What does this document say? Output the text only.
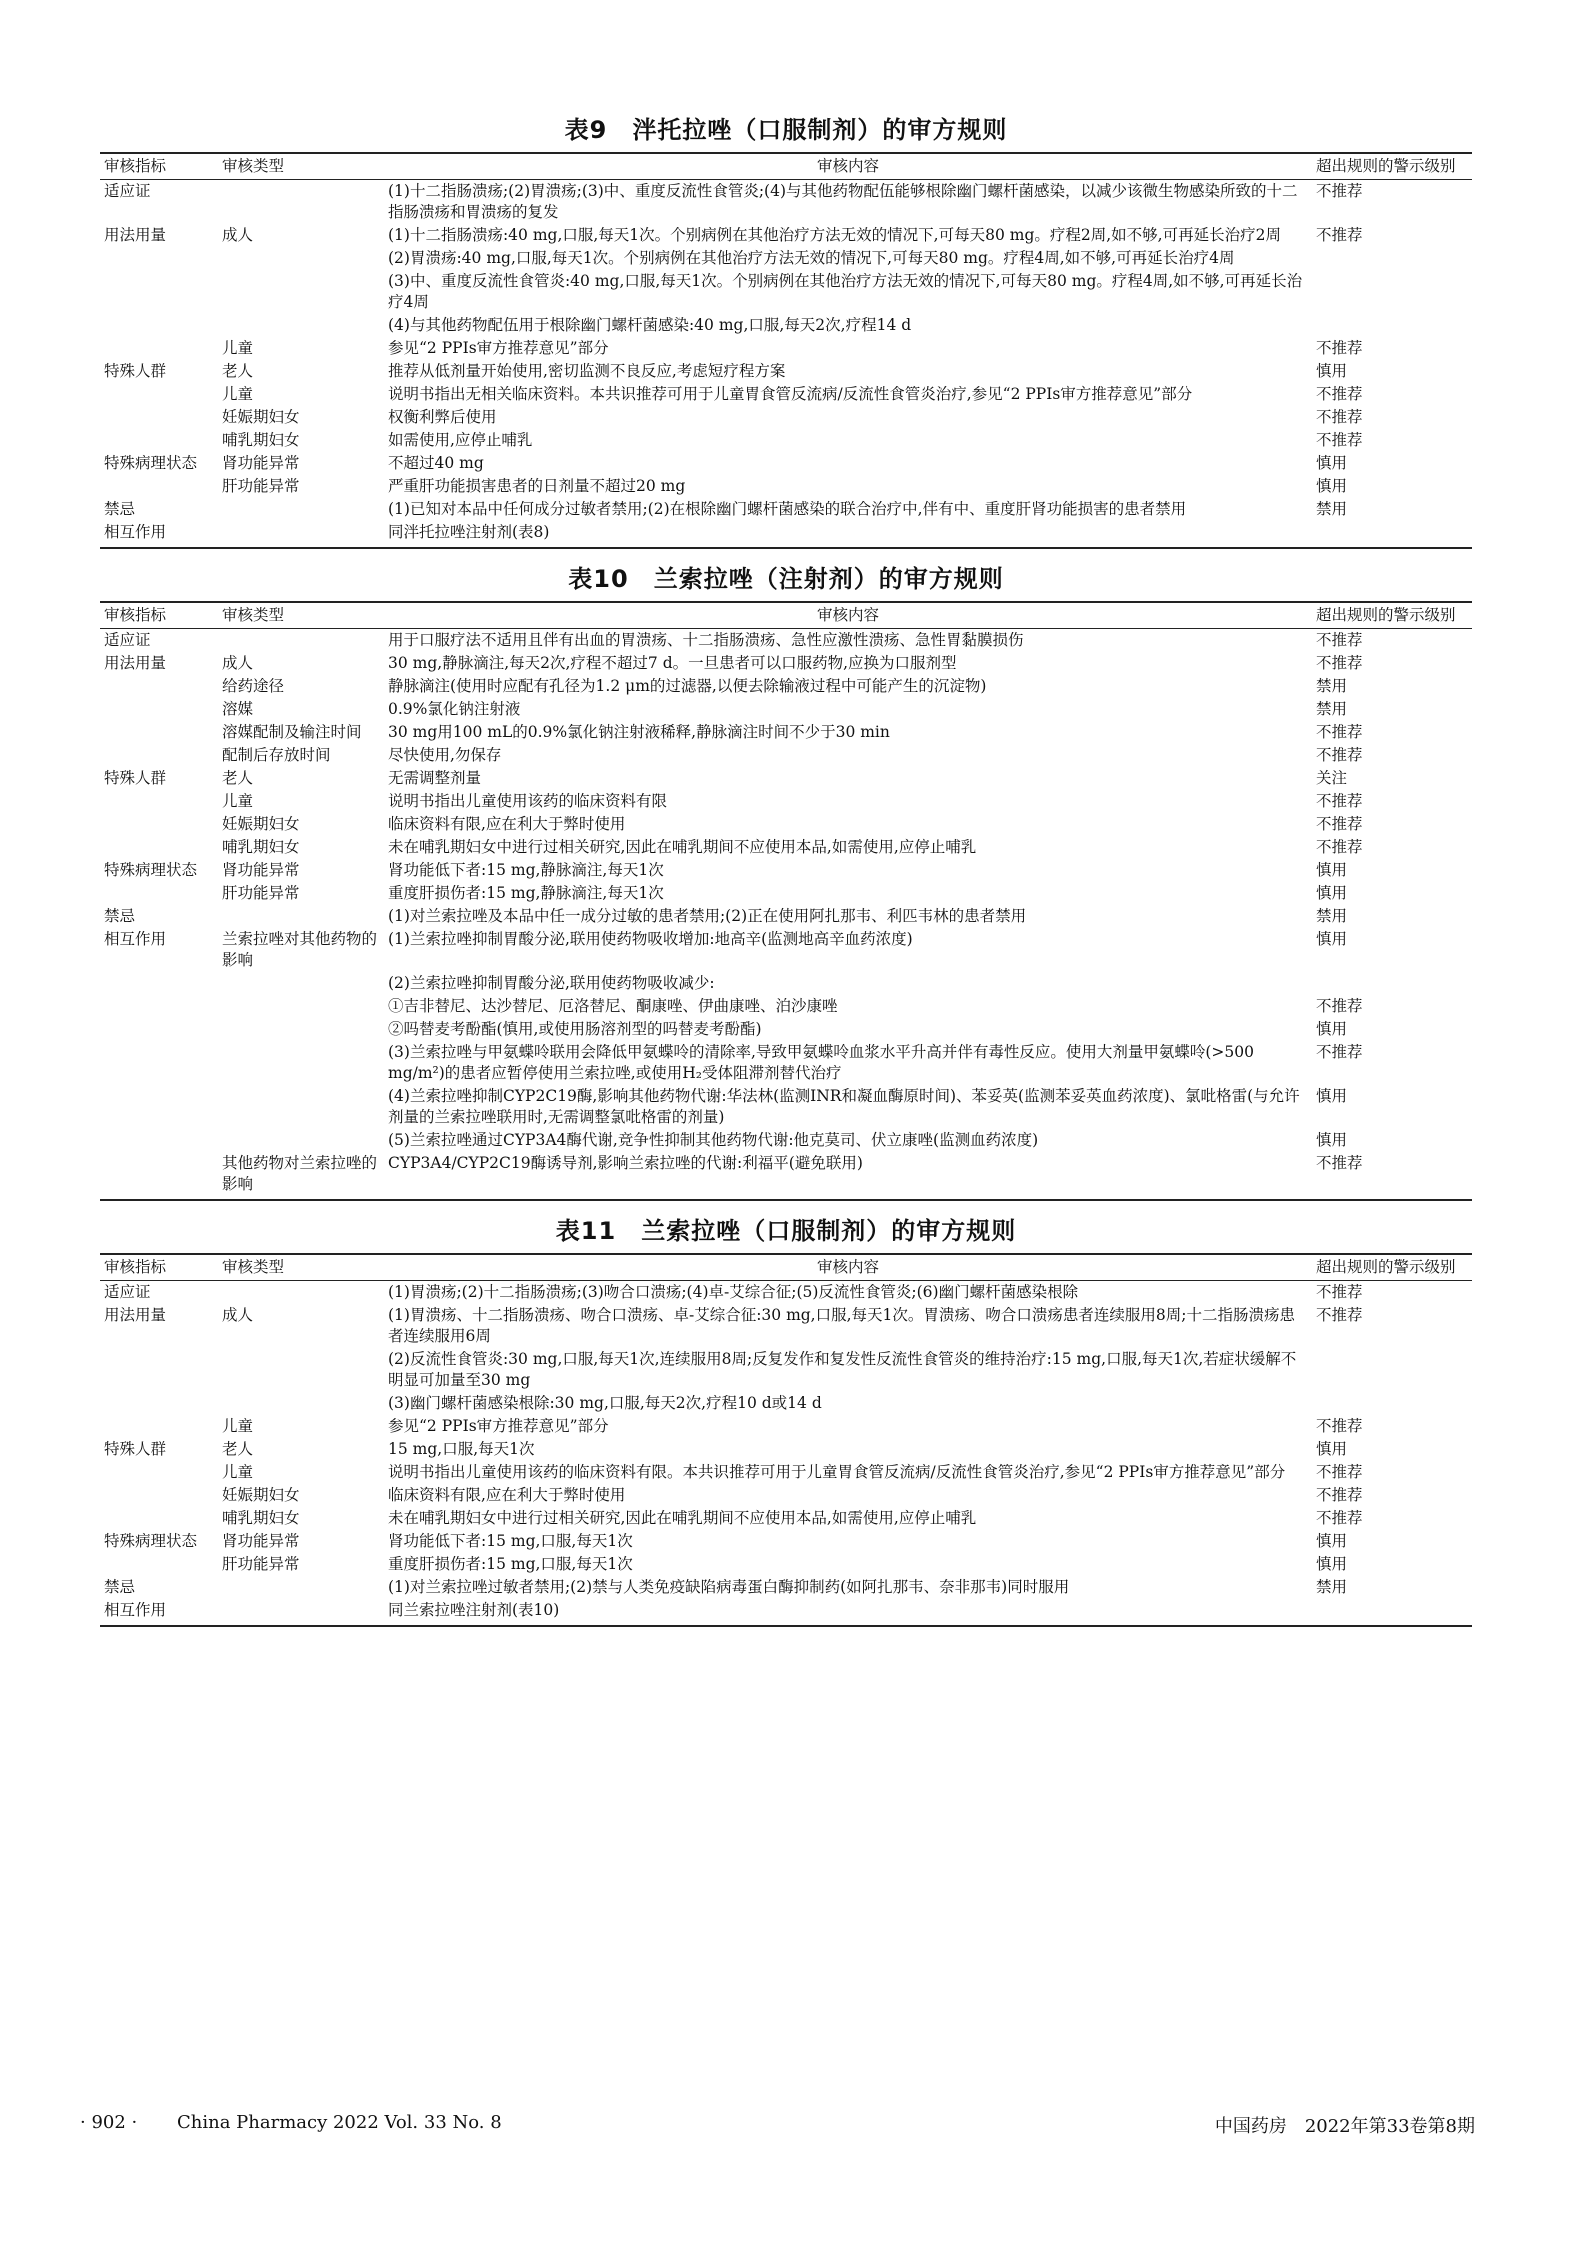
表9　泮托拉唑（口服制剂）的审方规则
审核指标	审核类型	审核内容	超出规则的警示级别
适应证		(1)十二指肠溃疡;(2)胃溃疡;(3)中、重度反流性食管炎;(4)与其他药物配伍能够根除幽门螺杆菌感染，以减少该微生物感染所致的十二指肠溃疡和胃溃疡的复发	不推荐
用法用量	成人	(1)十二指肠溃疡:40 mg,口服,每天1次。个别病例在其他治疗方法无效的情况下,可每天80 mg。疗程2周,如不够,可再延长治疗2周	不推荐
		(2)胃溃疡:40 mg,口服,每天1次。个别病例在其他治疗方法无效的情况下,可每天80 mg。疗程4周,如不够,可再延长治疗4周	
		(3)中、重度反流性食管炎:40 mg,口服,每天1次。个别病例在其他治疗方法无效的情况下,可每天80 mg。疗程4周,如不够,可再延长治疗4周	
		(4)与其他药物配伍用于根除幽门螺杆菌感染:40 mg,口服,每天2次,疗程14 d	
	儿童	参见“2 PPIs审方推荐意见”部分	不推荐
特殊人群	老人	推荐从低剂量开始使用,密切监测不良反应,考虑短疗程方案	慎用
	儿童	说明书指出无相关临床资料。本共识推荐可用于儿童胃食管反流病/反流性食管炎治疗,参见“2 PPIs审方推荐意见”部分	不推荐
	妊娠期妇女	权衡利弊后使用	不推荐
	哺乳期妇女	如需使用,应停止哺乳	不推荐
特殊病理状态	肾功能异常	不超过40 mg	慎用
	肝功能异常	严重肝功能损害患者的日剂量不超过20 mg	慎用
禁忌		(1)已知对本品中任何成分过敏者禁用;(2)在根除幽门螺杆菌感染的联合治疗中,伴有中、重度肝肾功能损害的患者禁用	禁用
相互作用		同泮托拉唑注射剂(表8)	
表10　兰索拉唑（注射剂）的审方规则
审核指标	审核类型	审核内容	超出规则的警示级别
适应证		用于口服疗法不适用且伴有出血的胃溃疡、十二指肠溃疡、急性应激性溃疡、急性胃黏膜损伤	不推荐
用法用量	成人	30 mg,静脉滴注,每天2次,疗程不超过7 d。一旦患者可以口服药物,应换为口服剂型	不推荐
	给药途径	静脉滴注(使用时应配有孔径为1.2 μm的过滤器,以便去除输液过程中可能产生的沉淀物)	禁用
	溶媒	0.9%氯化钠注射液	禁用
	溶媒配制及输注时间	30 mg用100 mL的0.9%氯化钠注射液稀释,静脉滴注时间不少于30 min	不推荐
	配制后存放时间	尽快使用,勿保存	不推荐
特殊人群	老人	无需调整剂量	关注
	儿童	说明书指出儿童使用该药的临床资料有限	不推荐
	妊娠期妇女	临床资料有限,应在利大于弊时使用	不推荐
	哺乳期妇女	未在哺乳期妇女中进行过相关研究,因此在哺乳期间不应使用本品,如需使用,应停止哺乳	不推荐
特殊病理状态	肾功能异常	肾功能低下者:15 mg,静脉滴注,每天1次	慎用
	肝功能异常	重度肝损伤者:15 mg,静脉滴注,每天1次	慎用
禁忌		(1)对兰索拉唑及本品中任一成分过敏的患者禁用;(2)正在使用阿扎那韦、利匹韦林的患者禁用	禁用
相互作用	兰索拉唑对其他药物的影响	(1)兰索拉唑抑制胃酸分泌,联用使药物吸收增加:地高辛(监测地高辛血药浓度)	慎用
		(2)兰索拉唑抑制胃酸分泌,联用使药物吸收减少:	
		①吉非替尼、达沙替尼、厄洛替尼、酮康唑、伊曲康唑、泊沙康唑	不推荐
		②吗替麦考酚酯(慎用,或使用肠溶剂型的吗替麦考酚酯)	慎用
		(3)兰索拉唑与甲氨蝶呤联用会降低甲氨蝶呤的清除率,导致甲氨蝶呤血浆水平升高并伴有毒性反应。使用大剂量甲氨蝶呤(>500 mg/m²)的患者应暂停使用兰索拉唑,或使用H₂受体阻滞剂替代治疗	不推荐
		(4)兰索拉唑抑制CYP2C19酶,影响其他药物代谢:华法林(监测INR和凝血酶原时间)、苯妥英(监测苯妥英血药浓度)、氯吡格雷(与允许剂量的兰索拉唑联用时,无需调整氯吡格雷的剂量)	慎用
		(5)兰索拉唑通过CYP3A4酶代谢,竞争性抑制其他药物代谢:他克莫司、伏立康唑(监测血药浓度)	慎用
	其他药物对兰索拉唑的影响	CYP3A4/CYP2C19酶诱导剂,影响兰索拉唑的代谢:利福平(避免联用)	不推荐
表11　兰索拉唑（口服制剂）的审方规则
审核指标	审核类型	审核内容	超出规则的警示级别
适应证		(1)胃溃疡;(2)十二指肠溃疡;(3)吻合口溃疡;(4)卓-艾综合征;(5)反流性食管炎;(6)幽门螺杆菌感染根除	不推荐
用法用量	成人	(1)胃溃疡、十二指肠溃疡、吻合口溃疡、卓-艾综合征:30 mg,口服,每天1次。胃溃疡、吻合口溃疡患者连续服用8周;十二指肠溃疡患者连续服用6周	不推荐
		(2)反流性食管炎:30 mg,口服,每天1次,连续服用8周;反复发作和复发性反流性食管炎的维持治疗:15 mg,口服,每天1次,若症状缓解不明显可加量至30 mg	
		(3)幽门螺杆菌感染根除:30 mg,口服,每天2次,疗程10 d或14 d	
	儿童	参见“2 PPIs审方推荐意见”部分	不推荐
特殊人群	老人	15 mg,口服,每天1次	慎用
	儿童	说明书指出儿童使用该药的临床资料有限。本共识推荐可用于儿童胃食管反流病/反流性食管炎治疗,参见“2 PPIs审方推荐意见”部分	不推荐
	妊娠期妇女	临床资料有限,应在利大于弊时使用	不推荐
	哺乳期妇女	未在哺乳期妇女中进行过相关研究,因此在哺乳期间不应使用本品,如需使用,应停止哺乳	不推荐
特殊病理状态	肾功能异常	肾功能低下者:15 mg,口服,每天1次	慎用
	肝功能异常	重度肝损伤者:15 mg,口服,每天1次	慎用
禁忌		(1)对兰索拉唑过敏者禁用;(2)禁与人类免疫缺陷病毒蛋白酶抑制药(如阿扎那韦、奈非那韦)同时服用	禁用
相互作用		同兰索拉唑注射剂(表10)	
· 902 · China Pharmacy 2022 Vol. 33 No. 8	中国药房　2022年第33卷第8期
